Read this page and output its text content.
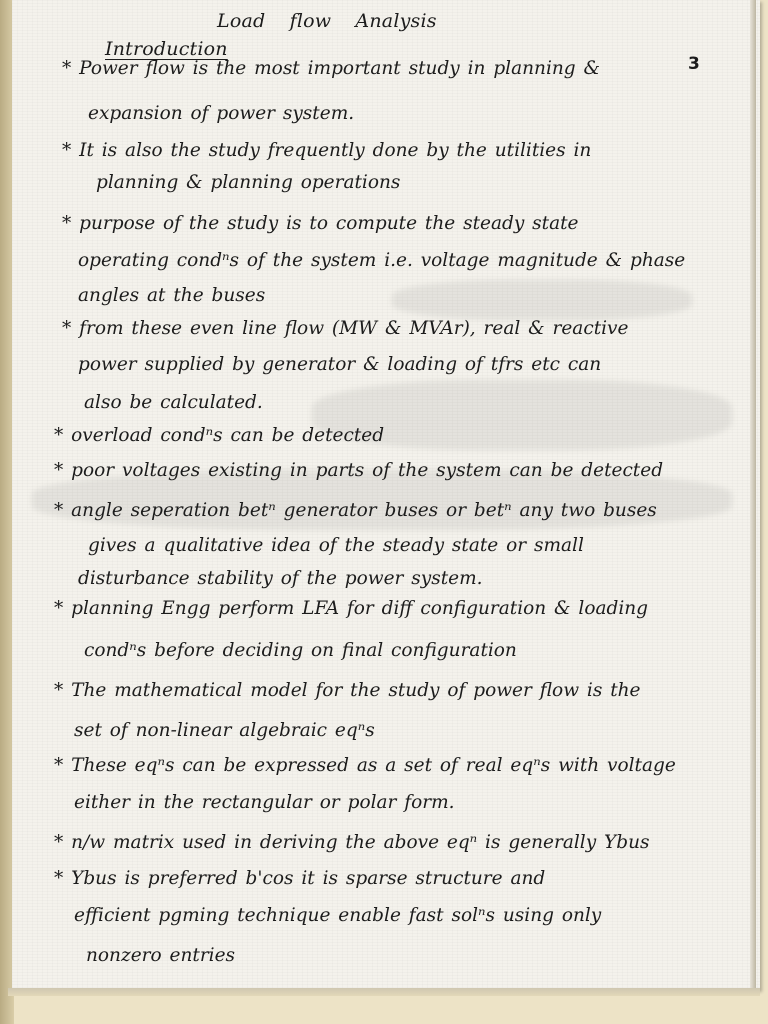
Load flow Analysis
Introduction
3
* Power flow is the most important study in planning &
expansion of power system.
* It is also the study frequently done by the utilities in
planning & planning operations
* purpose of the study is to compute the steady state
operating condⁿs of the system i.e. voltage magnitude & phase
angles at the buses
* from these even line flow (MW & MVAr), real & reactive
power supplied by generator & loading of tfrs etc can
also be calculated.
* overload condⁿs can be detected
* poor voltages existing in parts of the system can be detected
* angle seperation betⁿ generator buses or betⁿ any two buses
gives a qualitative idea of the steady state or small
disturbance stability of the power system.
* planning Engg perform LFA for diff configuration & loading
condⁿs before deciding on final configuration
* The mathematical model for the study of power flow is the
set of non-linear algebraic eqⁿs
* These eqⁿs can be expressed as a set of real eqⁿs with voltage
either in the rectangular or polar form.
* n/w matrix used in deriving the above eqⁿ is generally Ybus
* Ybus is preferred b'cos it is sparse structure and
efficient pgming technique enable fast solⁿs using only
nonzero entries
